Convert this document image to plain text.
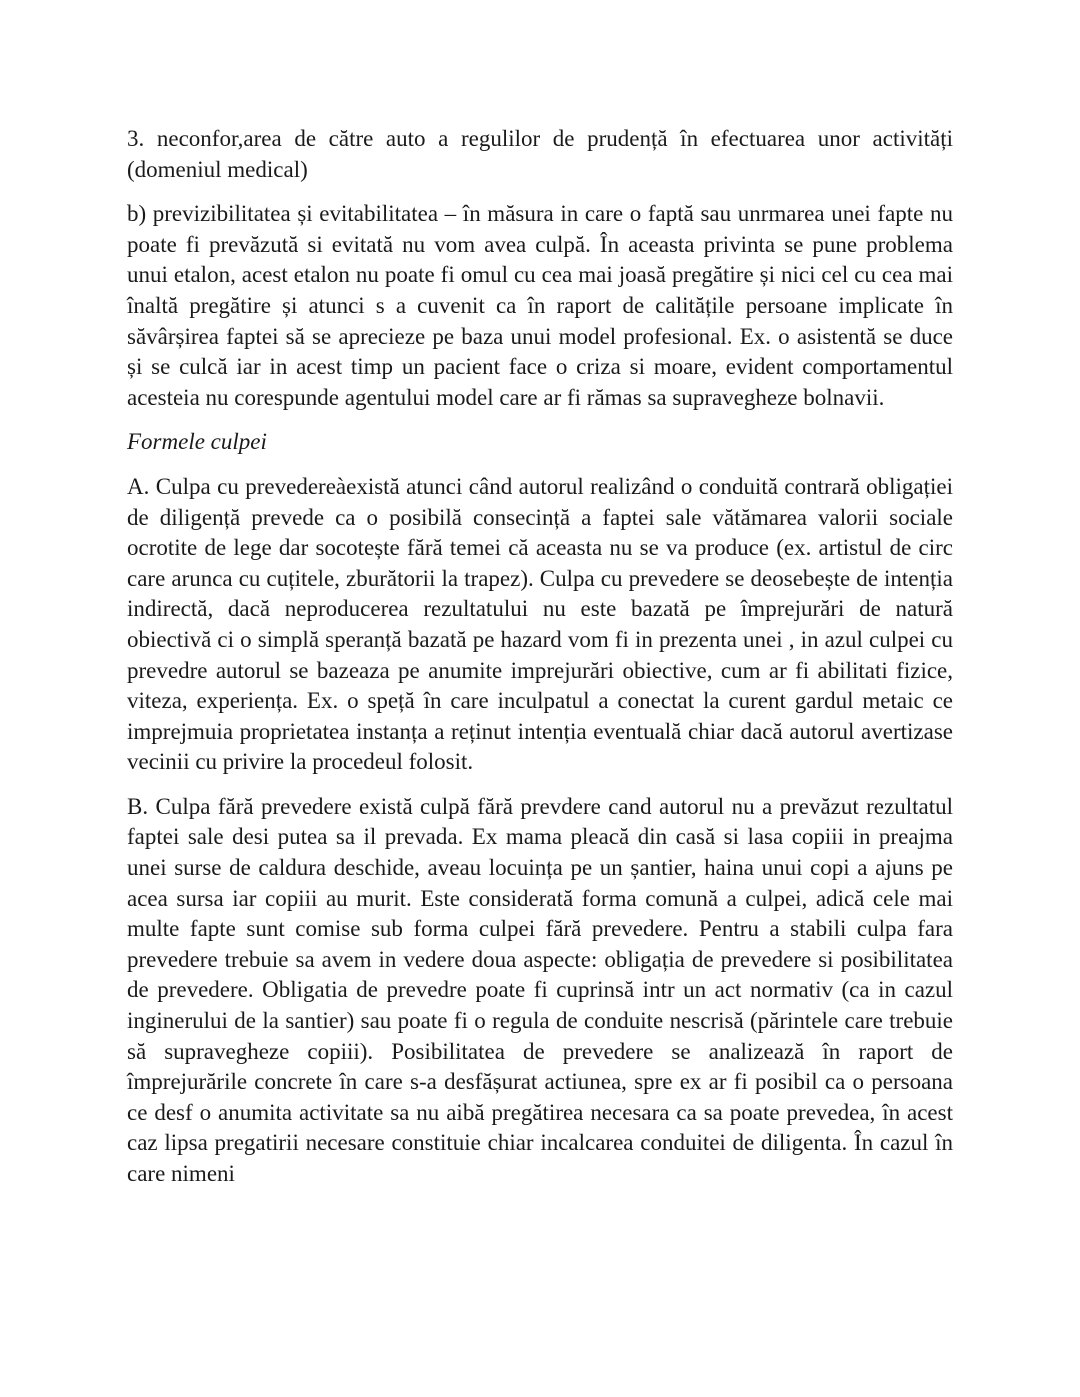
3. neconfor,area de către auto a regulilor de prudență în efectuarea unor activități (domeniul medical)

b) previzibilitatea și evitabilitatea – în măsura in care o faptă sau unrmarea unei fapte nu poate fi prevăzută si evitată nu vom avea culpă. În aceasta privinta se pune problema unui etalon, acest etalon nu poate fi omul cu cea mai joasă pregătire și nici cel cu cea mai înaltă pregătire și atunci s a cuvenit ca în raport de calitățile persoane implicate în săvârșirea faptei să se aprecieze pe baza unui model profesional. Ex. o asistentă se duce și se culcă iar in acest timp un pacient face o criza si moare, evident comportamentul acesteia nu corespunde agentului model care ar fi rămas sa supravegheze bolnavii.

Formele culpei

A. Culpa cu prevedereàexistă atunci când autorul realizând o conduită contrară obligației de diligență prevede ca o posibilă consecință a faptei sale vătămarea valorii sociale ocrotite de lege dar socotește fără temei că aceasta nu se va produce (ex. artistul de circ care arunca cu cuțitele, zburătorii la trapez). Culpa cu prevedere se deosebește de intenția indirectă, dacă neproducerea rezultatului nu este bazată pe împrejurări de natură obiectivă ci o simplă speranță bazată pe hazard vom fi in prezenta unei , in azul culpei cu prevedre autorul se bazeaza pe anumite imprejurări obiective, cum ar fi abilitati fizice, viteza, experiența. Ex. o speță în care inculpatul a conectat la curent gardul metaic ce imprejmuia proprietatea instanța a reținut intenția eventuală chiar dacă autorul avertizase vecinii cu privire la procedeul folosit.

B. Culpa fără prevedere există culpă fără prevdere cand autorul nu a prevăzut rezultatul faptei sale desi putea sa il prevada. Ex mama pleacă din casă si lasa copiii in preajma unei surse de caldura deschide, aveau locuința pe un șantier, haina unui copi a ajuns pe acea sursa iar copiii au murit. Este considerată forma comună a culpei, adică cele mai multe fapte sunt comise sub forma culpei fără prevedere. Pentru a stabili culpa fara prevedere trebuie sa avem in vedere doua aspecte: obligația de prevedere si posibilitatea de prevedere. Obligatia de prevedre poate fi cuprinsă intr un act normativ (ca in cazul inginerului de la santier) sau poate fi o regula de conduite nescrisă (părintele care trebuie să supravegheze copiii). Posibilitatea de prevedere se analizează în raport de împrejurările concrete în care s-a desfășurat actiunea, spre ex ar fi posibil ca o persoana ce desf o anumita activitate sa nu aibă pregătirea necesara ca sa poate prevedea, în acest caz lipsa pregatirii necesare constituie chiar incalcarea conduitei de diligenta. În cazul în care nimeni
